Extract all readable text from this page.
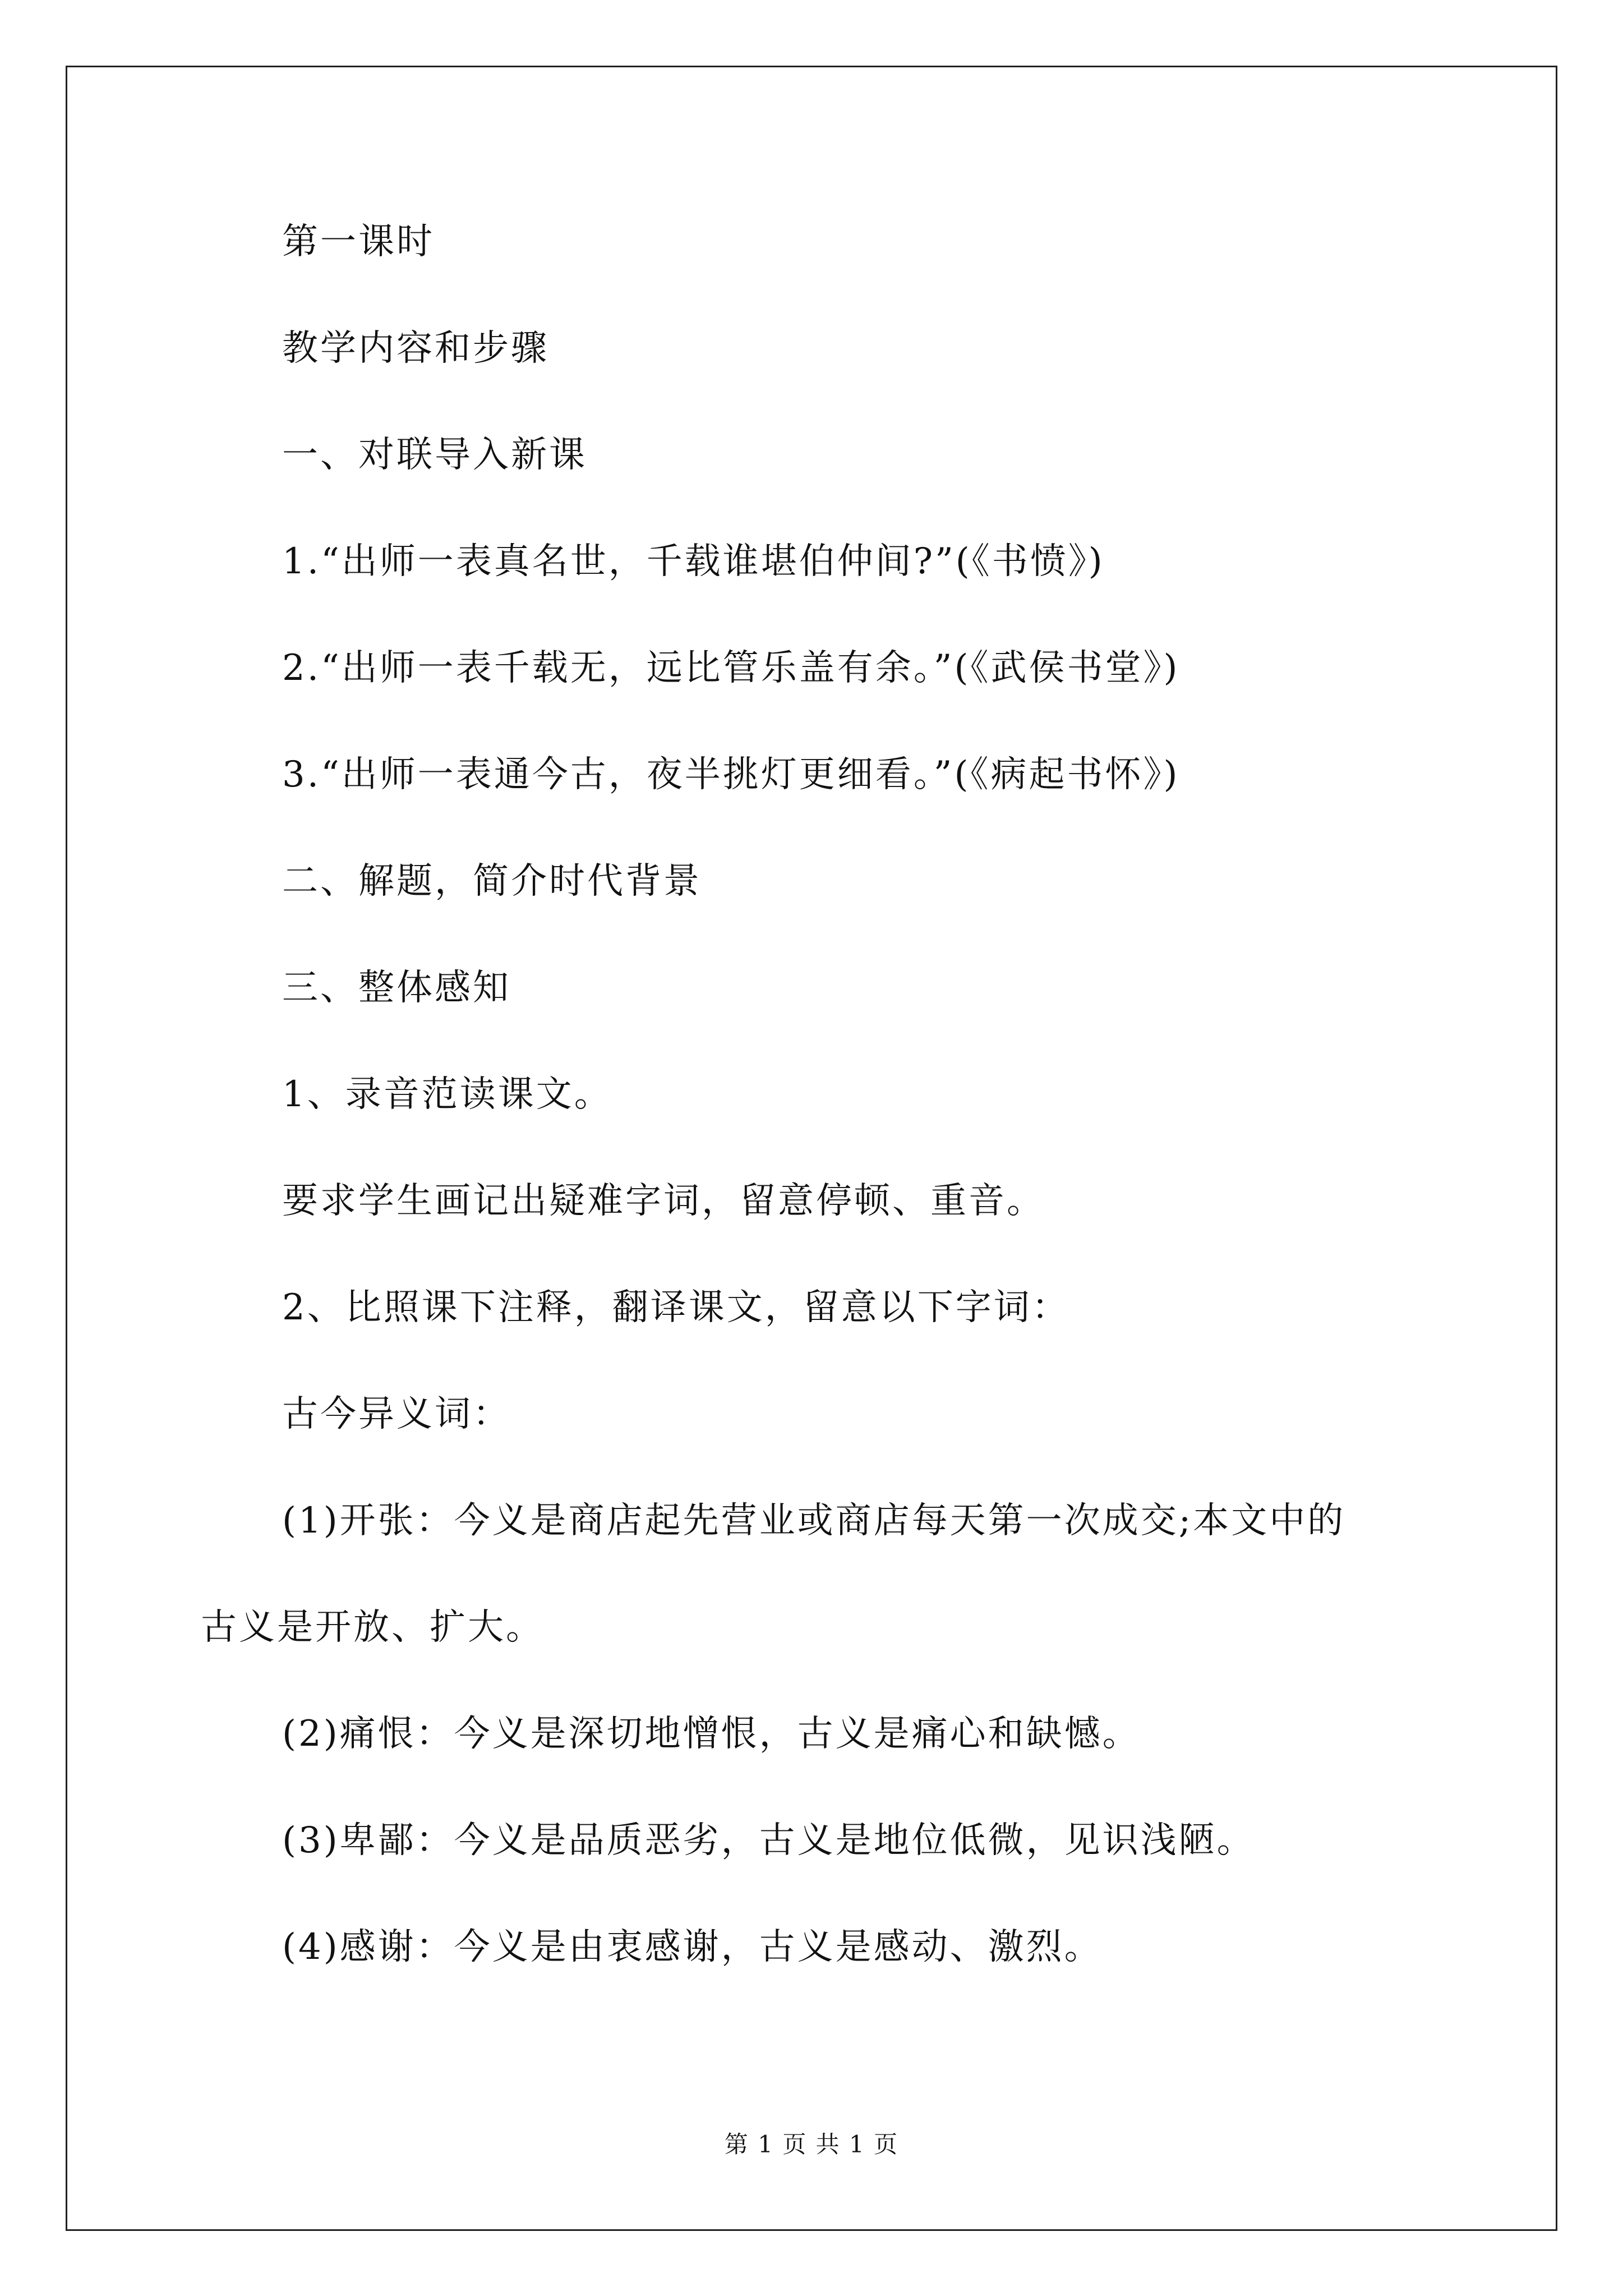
第一课时
教学内容和步骤
一、对联导入新课
1.“出师一表真名世，千载谁堪伯仲间?”(《书愤》)
2.“出师一表千载无，远比管乐盖有余。”(《武侯书堂》)
3.“出师一表通今古，夜半挑灯更细看。”(《病起书怀》)
二、解题，简介时代背景
三、整体感知
1、录音范读课文。
要求学生画记出疑难字词，留意停顿、重音。
2、比照课下注释，翻译课文，留意以下字词：
古今异义词：
(1)开张：今义是商店起先营业或商店每天第一次成交;本文中的
古义是开放、扩大。
(2)痛恨：今义是深切地憎恨，古义是痛心和缺憾。
(3)卑鄙：今义是品质恶劣，古义是地位低微，见识浅陋。
(4)感谢：今义是由衷感谢，古义是感动、激烈。
第 1 页 共 1 页
